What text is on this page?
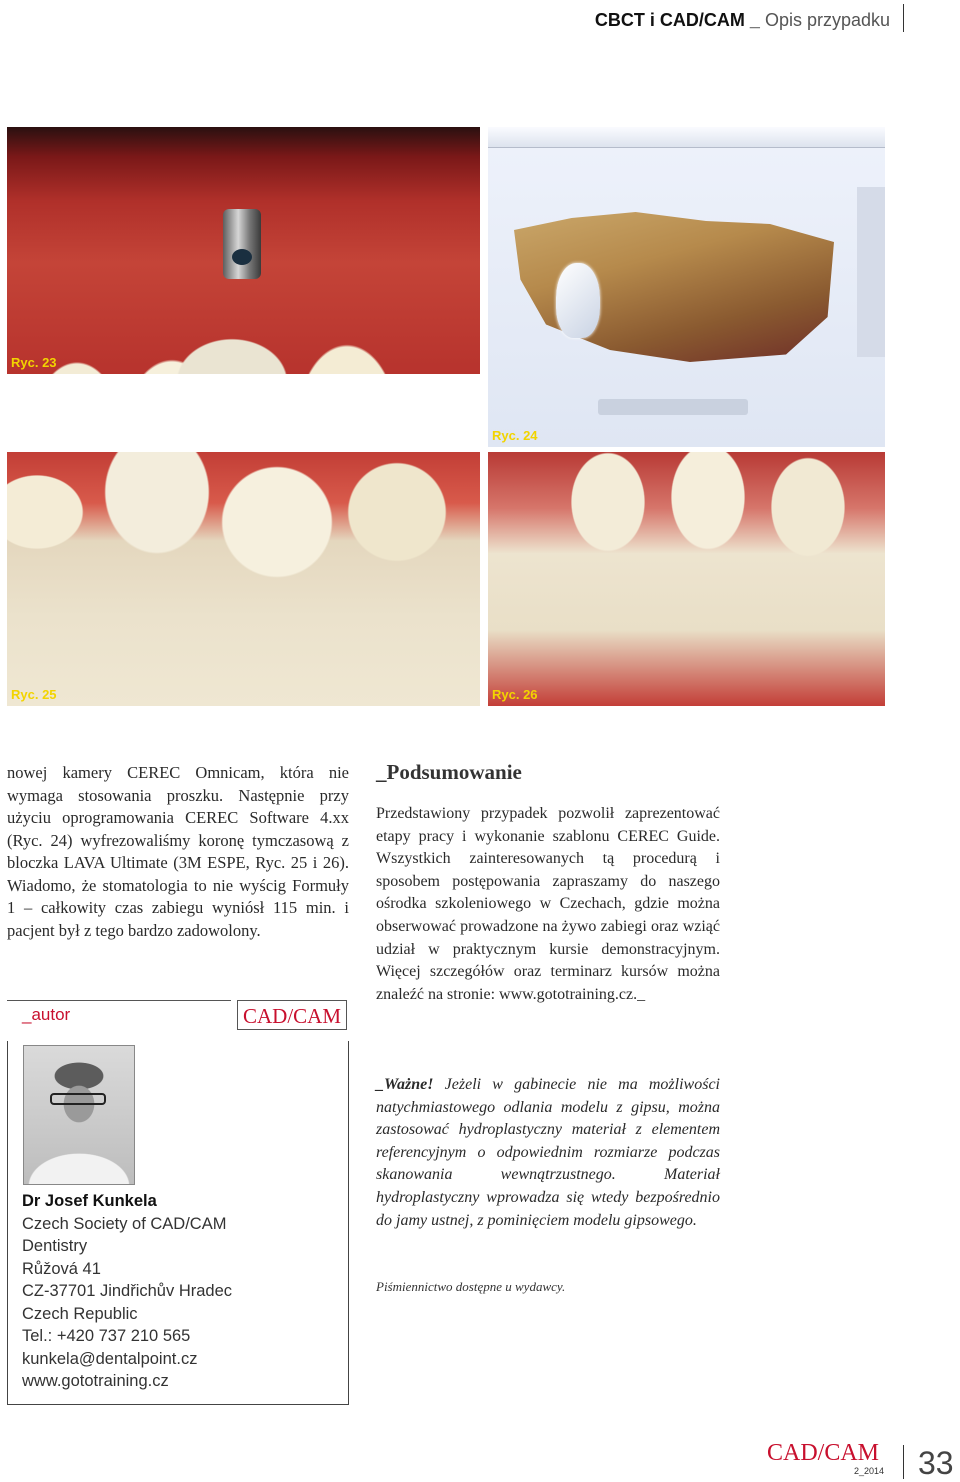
CBCT i CAD/CAM _ Opis przypadku
Ryc. 23
Ryc. 24
Ryc. 25	Ryc. 26
nowej kamery CEREC Omnicam, która nie wymaga stosowania proszku. Następnie przy użyciu oprogramowania CEREC Software 4.xx (Ryc. 24) wyfrezowaliśmy koronę tymczasową z bloczka LAVA Ultimate (3M ESPE, Ryc. 25 i 26). Wiadomo, że stomatologia to nie wyścig Formuły 1 – całkowity czas zabiegu wyniósł 115 min. i pacjent był z tego bardzo zadowolony.
_Podsumowanie
Przedstawiony przypadek pozwolił zaprezentować etapy pracy i wykonanie szablonu CEREC Guide. Wszystkich zainteresowanych tą procedurą i sposobem postępowania zapraszamy do naszego ośrodka szkoleniowego w Czechach, gdzie można obserwować prowadzone na żywo zabiegi oraz wziąć udział w praktycznym kursie demonstracyjnym. Więcej szczegółów oraz terminarz kursów można znaleźć na stronie: www.gototraining.cz._
_Ważne! Jeżeli w gabinecie nie ma możliwości natychmiastowego odlania modelu z gipsu, można zastosować hydroplastyczny materiał z elementem referencyjnym o odpowiednim rozmiarze podczas skanowania wewnątrzustnego. Materiał hydroplastyczny wprowadza się wtedy bezpośrednio do jamy ustnej, z pominięciem modelu gipsowego.
Piśmiennictwo dostępne u wydawcy.
_autor	CAD/CAM
Dr Josef Kunkela
Czech Society of CAD/CAM
Dentistry
Růžová 41
CZ-37701 Jindřichův Hradec
Czech Republic
Tel.: +420 737 210 565
kunkela@dentalpoint.cz
www.gototraining.cz
CAD/CAM
2_2014 33
